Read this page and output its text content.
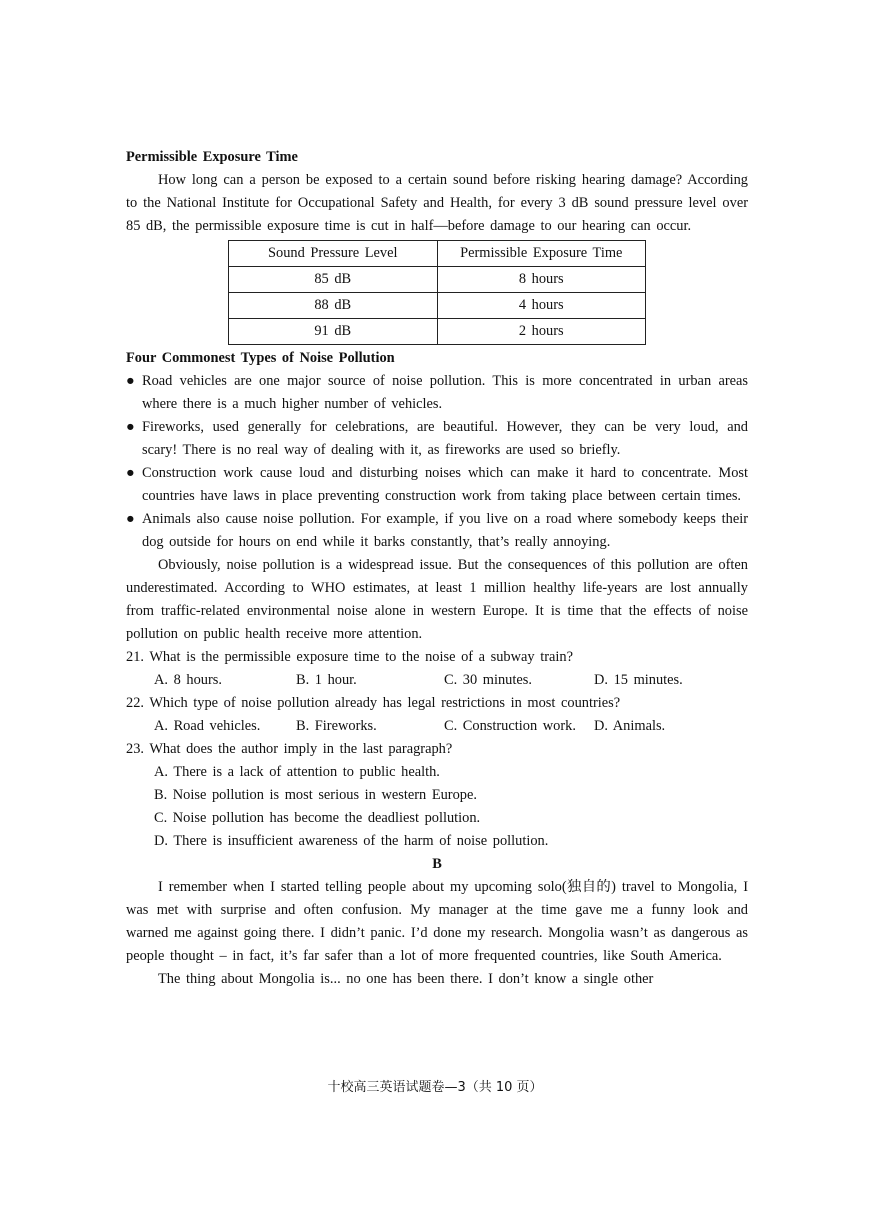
Permissible Exposure Time

How long can a person be exposed to a certain sound before risking hearing damage? According to the National Institute for Occupational Safety and Health, for every 3 dB sound pressure level over 85 dB, the permissible exposure time is cut in half—before damage to our hearing can occur.

Sound Pressure Level	Permissible Exposure Time
85 dB	8 hours
88 dB	4 hours
91 dB	2 hours

Four Commonest Types of Noise Pollution

● Road vehicles are one major source of noise pollution. This is more concentrated in urban areas where there is a much higher number of vehicles.
● Fireworks, used generally for celebrations, are beautiful. However, they can be very loud, and scary! There is no real way of dealing with it, as fireworks are used so briefly.
● Construction work cause loud and disturbing noises which can make it hard to concentrate. Most countries have laws in place preventing construction work from taking place between certain times.
● Animals also cause noise pollution. For example, if you live on a road where somebody keeps their dog outside for hours on end while it barks constantly, that’s really annoying.

Obviously, noise pollution is a widespread issue. But the consequences of this pollution are often underestimated. According to WHO estimates, at least 1 million healthy life-years are lost annually from traffic-related environmental noise alone in western Europe. It is time that the effects of noise pollution on public health receive more attention.

21. What is the permissible exposure time to the noise of a subway train?

A. 8 hours.	B. 1 hour.	C. 30 minutes.	D. 15 minutes.

22. Which type of noise pollution already has legal restrictions in most countries?

A. Road vehicles.	B. Fireworks.	C. Construction work.	D. Animals.

23. What does the author imply in the last paragraph?

A. There is a lack of attention to public health.

B. Noise pollution is most serious in western Europe.

C. Noise pollution has become the deadliest pollution.

D. There is insufficient awareness of the harm of noise pollution.

B

I remember when I started telling people about my upcoming solo(独自的) travel to Mongolia, I was met with surprise and often confusion. My manager at the time gave me a funny look and warned me against going there. I didn’t panic. I’d done my research. Mongolia wasn’t as dangerous as people thought – in fact, it’s far safer than a lot of more frequented countries, like South America.

The thing about Mongolia is... no one has been there. I don’t know a single other

十校高三英语试题卷—3（共 10 页）
